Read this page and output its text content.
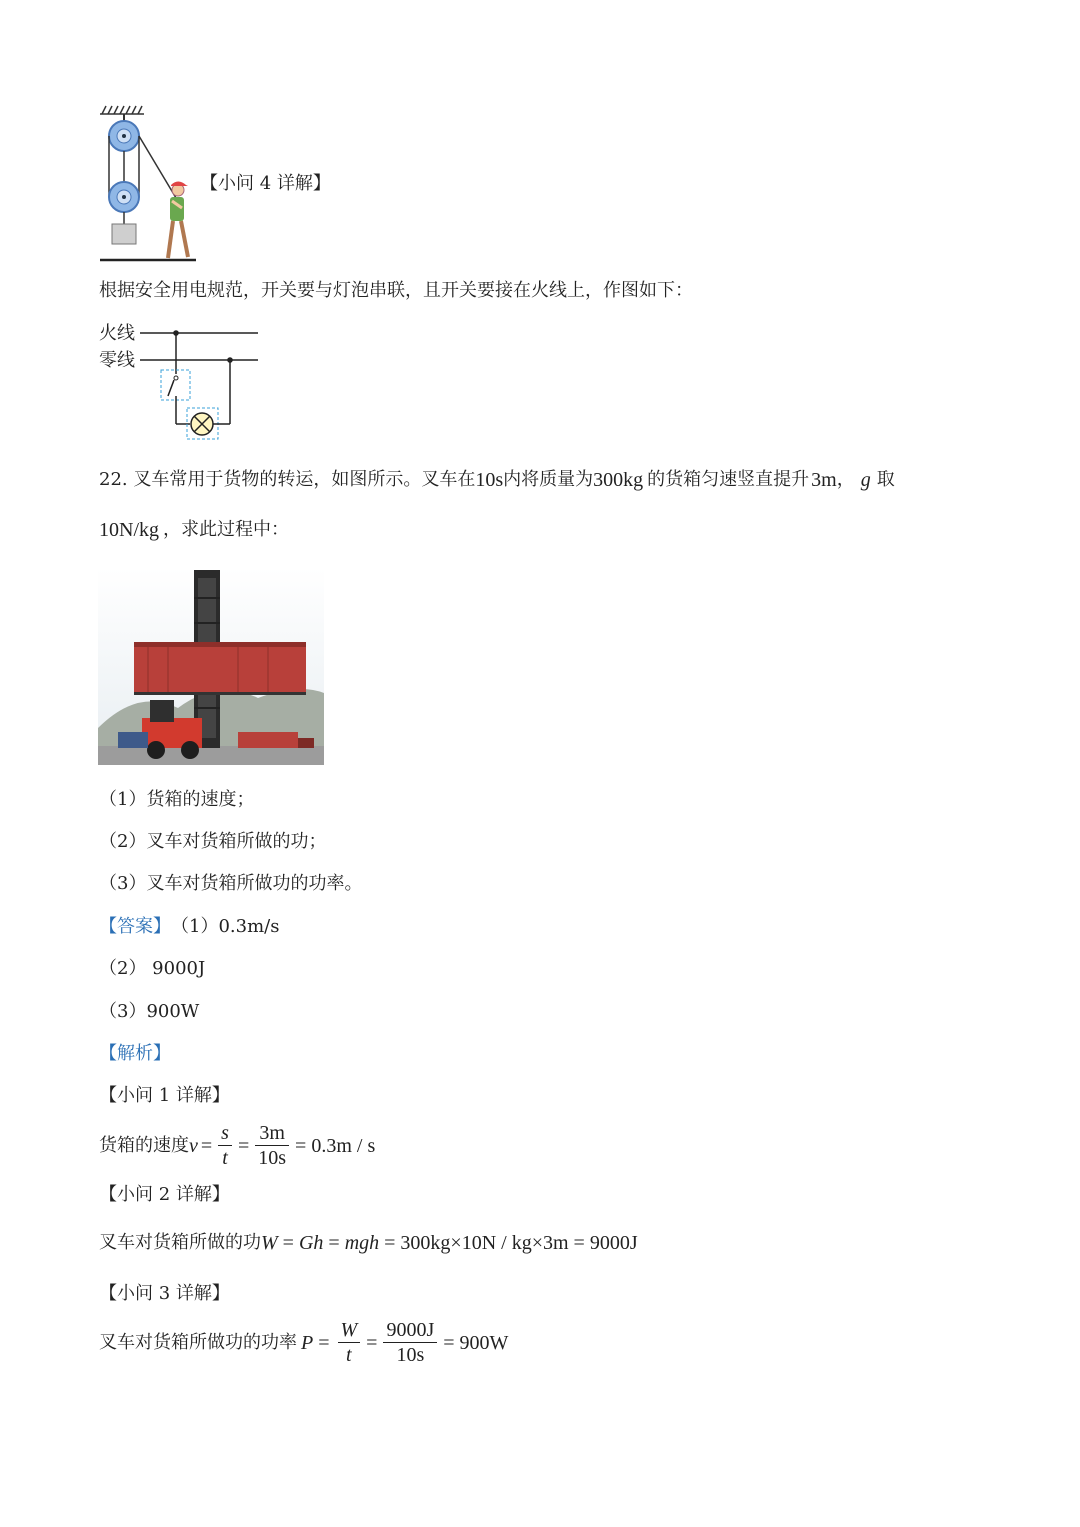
【小问 4 详解】
根据安全用电规范，开关要与灯泡串联，且开关要接在火线上，作图如下：
火线
零线
22. 叉车常用于货物的转运，如图所示。叉车在 10s 内将质量为 300kg 的货箱匀速竖直提升 3m ， g 取
10N/kg ，求此过程中：
（1）货箱的速度；
（2）叉车对货箱所做的功；
（3）叉车对货箱所做功的功率。
【答案】 （1）0.3m/s
（2） 9000J
（3）900W
【解析】
【小问 1 详解】
货箱的速度 $v = \frac{s}{t} = \frac{3m}{10s} = 0.3m / s$
【小问 2 详解】
叉车对货箱所做的功 W = Gh = mgh = 300kg×10N / kg×3m = 9000J
【小问 3 详解】
叉车对货箱所做功的功率 $P = \frac{W}{t} = \frac{9000J}{10s} = 900W$
